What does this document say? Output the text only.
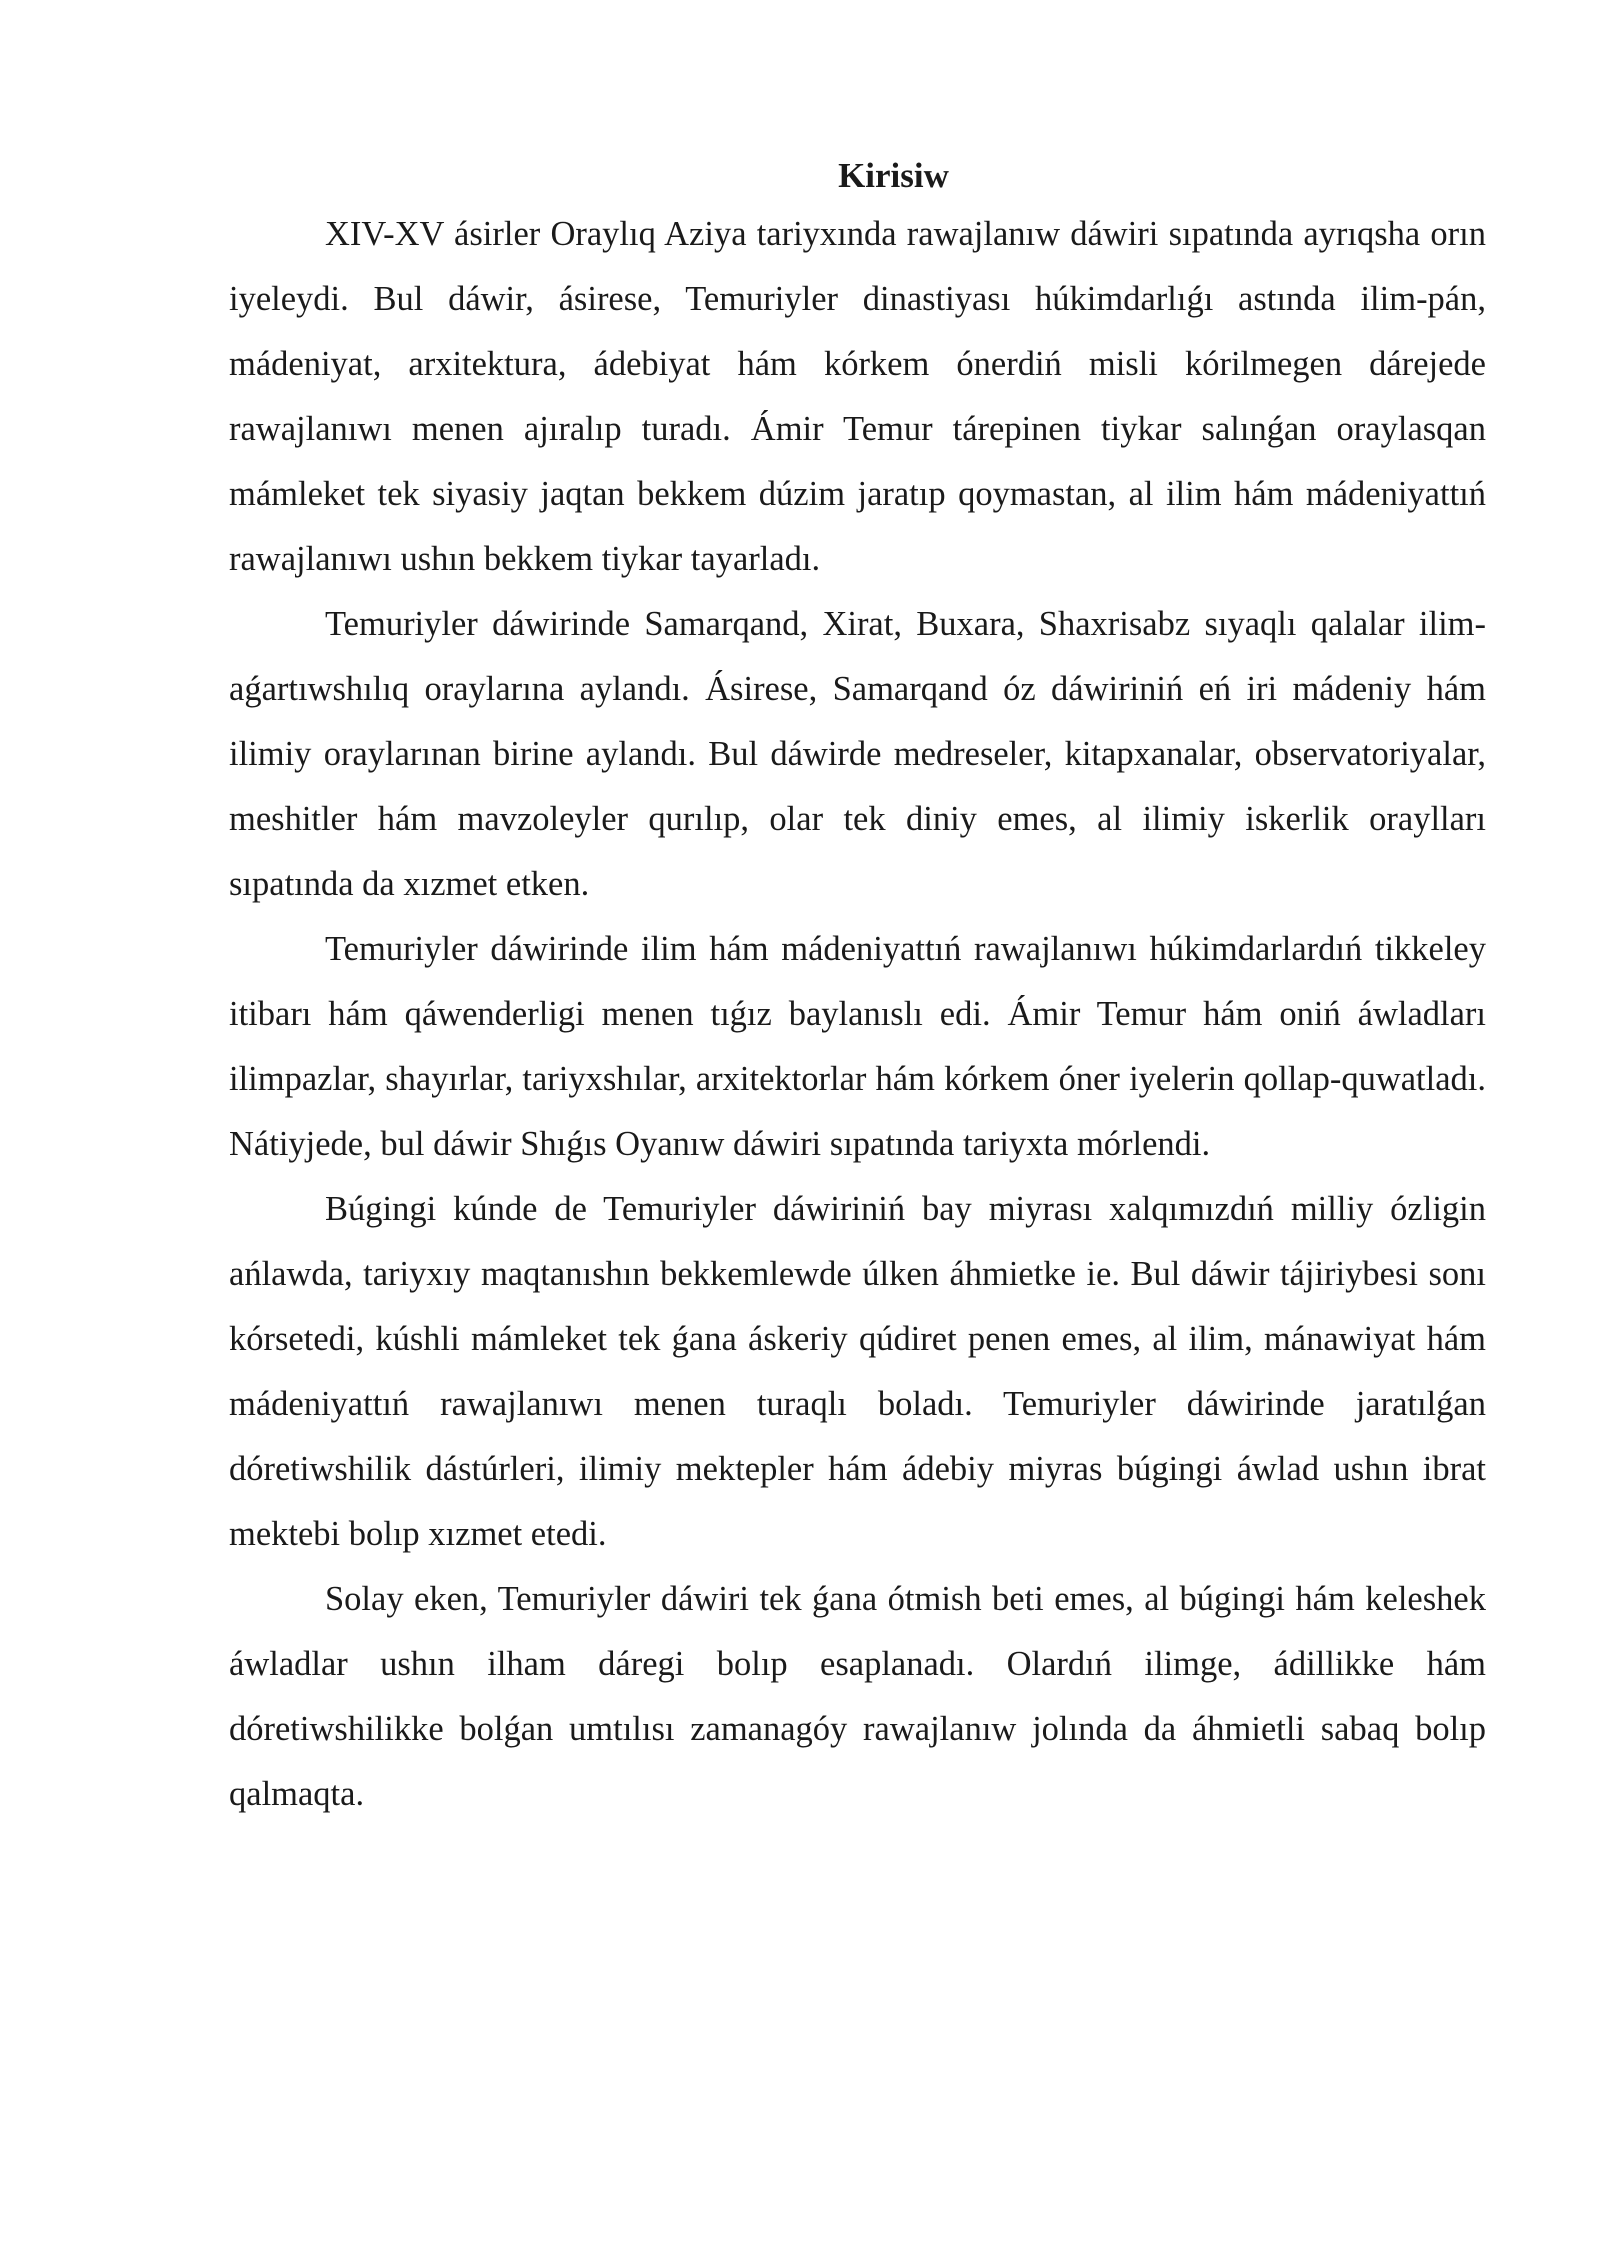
Kirisiw

XIV-XV ásirler Oraylıq Aziya tariyxında rawajlanıw dáwiri sıpatında ayrıqsha orın iyeleydi. Bul dáwir, ásirese, Temuriyler dinastiyası húkimdarlıǵı astında ilim-pán, mádeniyat, arxitektura, ádebiyat hám kórkem ónerdiń misli kórilmegen dárejede rawajlanıwı menen ajıralıp turadı. Ámir Temur tárepinen tiykar salınǵan oraylasqan mámleket tek siyasiy jaqtan bekkem dúzim jaratıp qoymastan, al ilim hám mádeniyattıń rawajlanıwı ushın bekkem tiykar tayarladı.

Temuriyler dáwirinde Samarqand, Xirat, Buxara, Shaxrisabz sıyaqlı qalalar ilim-aǵartıwshılıq oraylarına aylandı. Ásirese, Samarqand óz dáwiriniń eń iri mádeniy hám ilimiy oraylarınan birine aylandı. Bul dáwirde medreseler, kitapxanalar, observatoriyalar, meshitler hám mavzoleyler qurılıp, olar tek diniy emes, al ilimiy iskerlik oraylları sıpatında da xızmet etken.

Temuriyler dáwirinde ilim hám mádeniyattıń rawajlanıwı húkimdarlardıń tikkeley itibarı hám qáwenderligi menen tıǵız baylanıslı edi. Ámir Temur hám oniń áwladları ilimpazlar, shayırlar, tariyxshılar, arxitektorlar hám kórkem óner iyelerin qollap-quwatladı. Nátiyjede, bul dáwir Shıǵıs Oyanıw dáwiri sıpatında tariyxta mórlendi.

Búgingi kúnde de Temuriyler dáwiriniń bay miyrası xalqımızdıń milliy ózligin ańlawda, tariyxıy maqtanıshın bekkemlewde úlken áhmietke ie. Bul dáwir tájiriybesi sonı kórsetedi, kúshli mámleket tek ǵana áskeriy qúdiret penen emes, al ilim, mánawiyat hám mádeniyattıń rawajlanıwı menen turaqlı boladı. Temuriyler dáwirinde jaratılǵan dóretiwshilik dástúrleri, ilimiy mektepler hám ádebiy miyras búgingi áwlad ushın ibrat mektebi bolıp xızmet etedi.

Solay eken, Temuriyler dáwiri tek ǵana ótmish beti emes, al búgingi hám keleshek áwladlar ushın ilham dáregi bolıp esaplanadı. Olardıń ilimge, ádillikke hám dóretiwshilikke bolǵan umtılısı zamanagóy rawajlanıw jolında da áhmietli sabaq bolıp qalmaqta.
